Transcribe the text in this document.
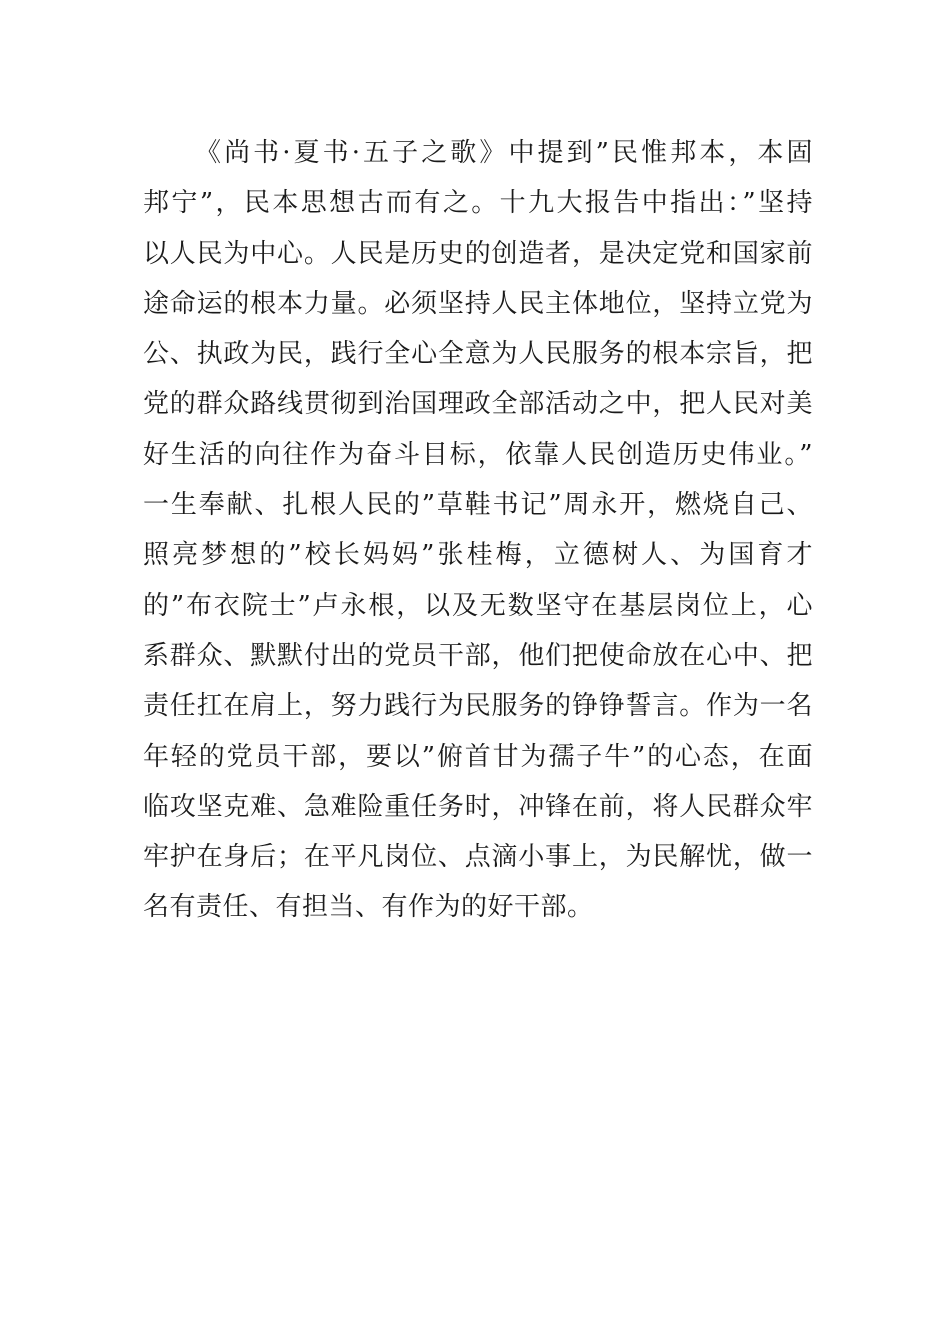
《尚书·夏书·五子之歌》中提到”民惟邦本，本固
邦宁”，民本思想古而有之。十九大报告中指出：”坚持
以人民为中心。人民是历史的创造者，是决定党和国家前
途命运的根本力量。必须坚持人民主体地位，坚持立党为
公、执政为民，践行全心全意为人民服务的根本宗旨，把
党的群众路线贯彻到治国理政全部活动之中，把人民对美
好生活的向往作为奋斗目标，依靠人民创造历史伟业。”
一生奉献、扎根人民的”草鞋书记”周永开，燃烧自己、
照亮梦想的”校长妈妈”张桂梅，立德树人、为国育才
的”布衣院士”卢永根，以及无数坚守在基层岗位上，心
系群众、默默付出的党员干部，他们把使命放在心中、把
责任扛在肩上，努力践行为民服务的铮铮誓言。作为一名
年轻的党员干部，要以”俯首甘为孺子牛”的心态，在面
临攻坚克难、急难险重任务时，冲锋在前，将人民群众牢
牢护在身后；在平凡岗位、点滴小事上，为民解忧，做一
名有责任、有担当、有作为的好干部。
